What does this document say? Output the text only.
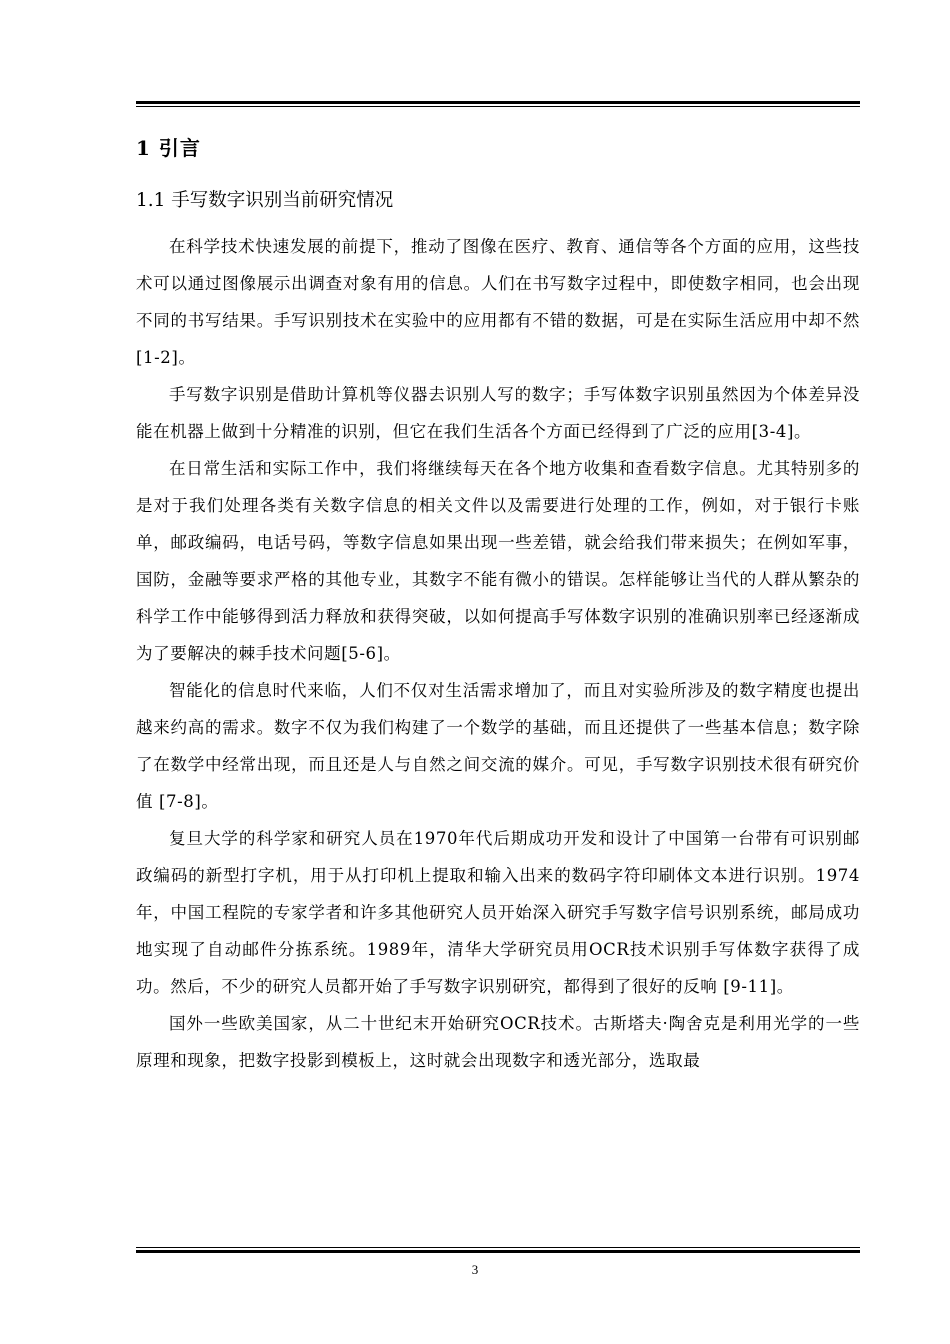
1 引言
1.1 手写数字识别当前研究情况

在科学技术快速发展的前提下，推动了图像在医疗、教育、通信等各个方面的应用，这些技术可以通过图像展示出调查对象有用的信息。人们在书写数字过程中，即使数字相同，也会出现不同的书写结果。手写识别技术在实验中的应用都有不错的数据，可是在实际生活应用中却不然 [1-2]。

手写数字识别是借助计算机等仪器去识别人写的数字；手写体数字识别虽然因为个体差异没能在机器上做到十分精准的识别，但它在我们生活各个方面已经得到了广泛的应用[3-4]。

在日常生活和实际工作中，我们将继续每天在各个地方收集和查看数字信息。尤其特别多的是对于我们处理各类有关数字信息的相关文件以及需要进行处理的工作，例如，对于银行卡账单，邮政编码，电话号码，等数字信息如果出现一些差错，就会给我们带来损失；在例如军事，国防，金融等要求严格的其他专业，其数字不能有微小的错误。怎样能够让当代的人群从繁杂的科学工作中能够得到活力释放和获得突破，以如何提高手写体数字识别的准确识别率已经逐渐成为了要解决的棘手技术问题[5-6]。

智能化的信息时代来临，人们不仅对生活需求增加了，而且对实验所涉及的数字精度也提出越来约高的需求。数字不仅为我们构建了一个数学的基础，而且还提供了一些基本信息；数字除了在数学中经常出现，而且还是人与自然之间交流的媒介。可见，手写数字识别技术很有研究价值 [7-8]。

复旦大学的科学家和研究人员在1970年代后期成功开发和设计了中国第一台带有可识别邮政编码的新型打字机，用于从打印机上提取和输入出来的数码字符印刷体文本进行识别。1974年，中国工程院的专家学者和许多其他研究人员开始深入研究手写数字信号识别系统，邮局成功地实现了自动邮件分拣系统。1989年，清华大学研究员用OCR技术识别手写体数字获得了成功。然后，不少的研究人员都开始了手写数字识别研究，都得到了很好的反响 [9-11]。

国外一些欧美国家，从二十世纪末开始研究OCR技术。古斯塔夫·陶舍克是利用光学的一些原理和现象，把数字投影到模板上，这时就会出现数字和透光部分，选取最

3
